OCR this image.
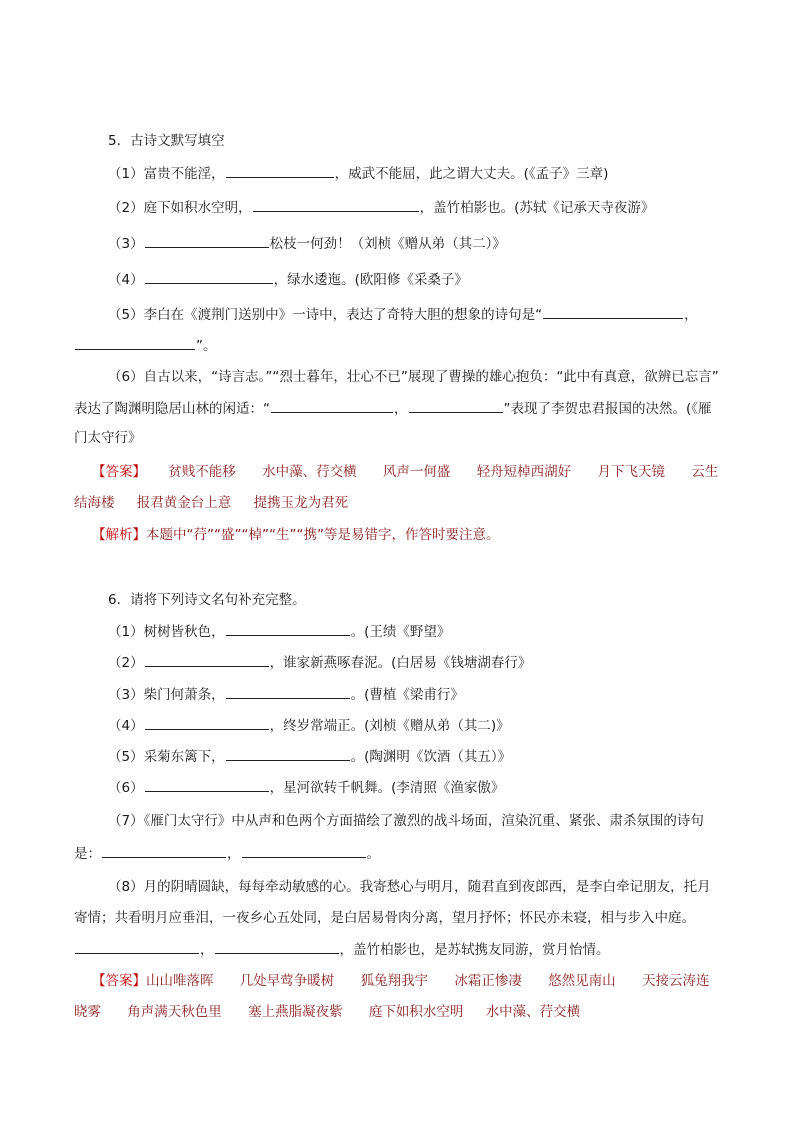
5．古诗文默写填空
（1）富贵不能淫，	，威武不能屈，此之谓大丈夫。(《孟子》三章)
（2）庭下如积水空明，	，盖竹柏影也。(苏轼《记承天寺夜游》
（3）	松枝一何劲！（刘桢《赠从弟（其二）》
（4）	，绿水逶迤。(欧阳修《采桑子》
（5）李白在《渡荆门送别中》一诗中，表达了奇特大胆的想象的诗句是“	，
”。
（6）自古以来，“诗言志。”“烈士暮年，壮心不已”展现了曹操的雄心抱负：“此中有真意，欲辨已忘言”
表达了陶渊明隐居山林的闲适：“	，	”表现了李贺忠君报国的决然。(《雁
门太守行》
【答案】 贫贱不能移 水中藻、荇交横 风声一何盛 轻舟短棹西湖好 月下飞天镜 云生
结海楼 报君黄金台上意 提携玉龙为君死
【解析】本题中“荇”“盛”“棹”“生”“携”等是易错字，作答时要注意。
6．请将下列诗文名句补充完整。
（1）树树皆秋色，	。(王绩《野望》
（2）	，谁家新燕啄春泥。(白居易《钱塘湖春行》
（3）柴门何萧条，	。(曹植《梁甫行》
（4）	，终岁常端正。(刘桢《赠从弟（其二)》
（5）采菊东篱下，	。(陶渊明《饮酒（其五）》
（6）	，星河欲转千帆舞。(李清照《渔家傲》
（7）《雁门太守行》中从声和色两个方面描绘了激烈的战斗场面，渲染沉重、紧张、肃杀氛围的诗句
是：	，	。
（8）月的阴晴圆缺，每每牵动敏感的心。我寄愁心与明月，随君直到夜郎西，是李白牵记朋友，托月
寄情；共看明月应垂泪，一夜乡心五处同，是白居易骨肉分离，望月抒怀；怀民亦未寝，相与步入中庭。
，	，盖竹柏影也，是苏轼携友同游，赏月怡情。
【答案】山山唯落晖 几处早莺争暖树 狐兔翔我宇 冰霜正惨凄 悠然见南山 天接云涛连
晓雾 角声满天秋色里 塞上燕脂凝夜紫 庭下如积水空明 水中藻、荇交横
